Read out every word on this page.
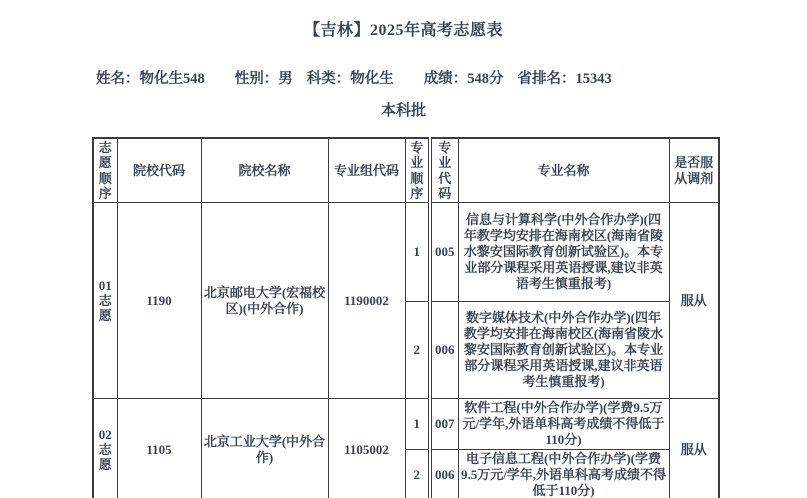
【吉林】2025年高考志愿表
姓名：物化生548 性别：男 科类：物化生 成绩：548分 省排名：15343
本科批
志愿顺序	院校代码	院校名称	专业组代码	专业顺序	专业代码	专业名称	是否服从调剂

01志愿	1190	北京邮电大学(宏福校区)(中外合作)	1190002	1	005	信息与计算科学(中外合作办学)(四年教学均安排在海南校区(海南省陵水黎安国际教育创新试验区)。本专业部分课程采用英语授课,建议非英语考生慎重报考)	服从
				2	006	数字媒体技术(中外合作办学)(四年教学均安排在海南校区(海南省陵水黎安国际教育创新试验区)。本专业部分课程采用英语授课,建议非英语考生慎重报考)	

02志愿	1105	北京工业大学(中外合作)	1105002	1	007	软件工程(中外合作办学)(学费9.5万元/学年,外语单科高考成绩不得低于110分)	服从
				2	006	电子信息工程(中外合作办学)(学费9.5万元/学年,外语单科高考成绩不得低于110分)	
